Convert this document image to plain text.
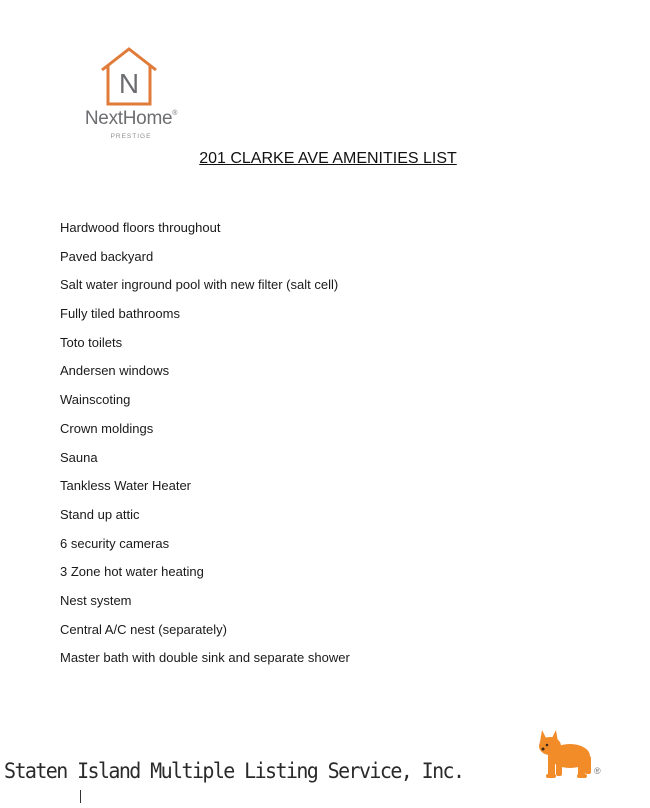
N
NextHome®
PRESTIGE
201 CLARKE AVE AMENITIES LIST
Hardwood floors throughout
Paved backyard
Salt water inground pool with new filter (salt cell)
Fully tiled bathrooms
Toto toilets
Andersen windows
Wainscoting
Crown moldings
Sauna
Tankless Water Heater
Stand up attic
6 security cameras
3 Zone hot water heating
Nest system
Central A/C nest (separately)
Master bath with double sink and separate shower
Staten Island Multiple Listing Service, Inc.	®
